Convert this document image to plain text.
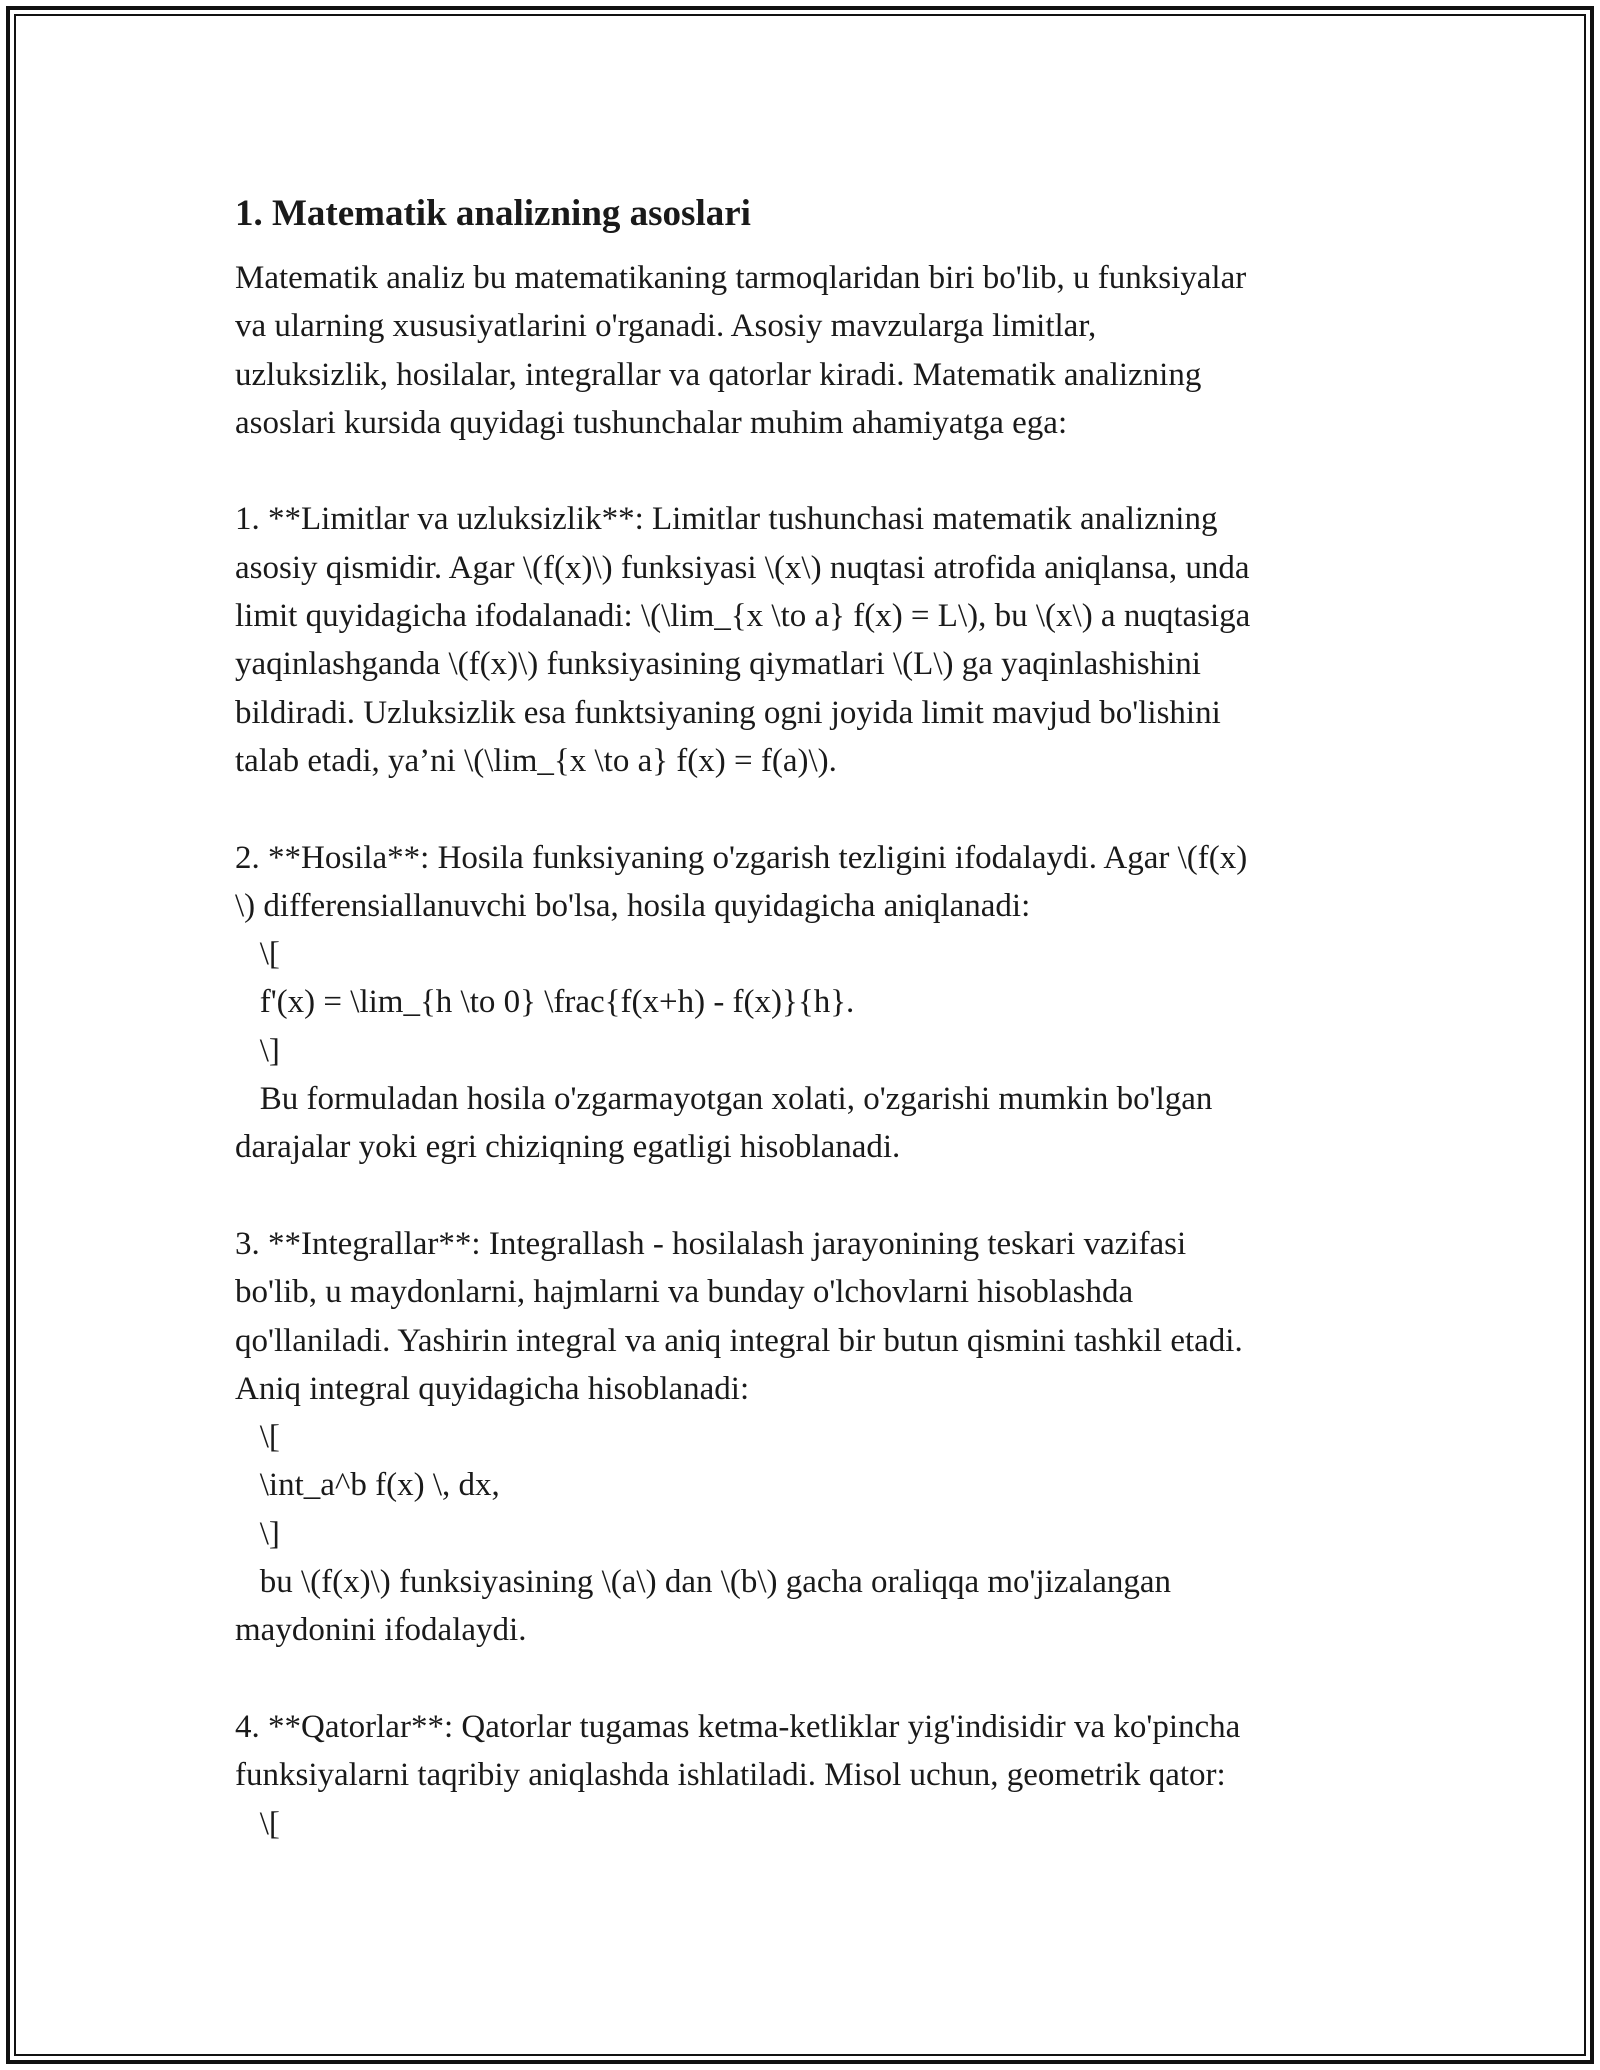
1. Matematik analizning asoslari
Matematik analiz bu matematikaning tarmoqlaridan biri bo'lib, u funksiyalar
va ularning xususiyatlarini o'rganadi. Asosiy mavzularga limitlar,
uzluksizlik, hosilalar, integrallar va qatorlar kiradi. Matematik analizning
asoslari kursida quyidagi tushunchalar muhim ahamiyatga ega:
1. **Limitlar va uzluksizlik**: Limitlar tushunchasi matematik analizning
asosiy qismidir. Agar \(f(x)\) funksiyasi \(x\) nuqtasi atrofida aniqlansa, unda
limit quyidagicha ifodalanadi: \(\lim_{x \to a} f(x) = L\), bu \(x\) a nuqtasiga
yaqinlashganda \(f(x)\) funksiyasining qiymatlari \(L\) ga yaqinlashishini
bildiradi. Uzluksizlik esa funktsiyaning ogni joyida limit mavjud bo'lishini
talab etadi, ya’ni \(\lim_{x \to a} f(x) = f(a)\).
2. **Hosila**: Hosila funksiyaning o'zgarish tezligini ifodalaydi. Agar \(f(x)
\) differensiallanuvchi bo'lsa, hosila quyidagicha aniqlanadi:
\[
f'(x) = \lim_{h \to 0} \frac{f(x+h) - f(x)}{h}.
\]
Bu formuladan hosila o'zgarmayotgan xolati, o'zgarishi mumkin bo'lgan
darajalar yoki egri chiziqning egatligi hisoblanadi.
3. **Integrallar**: Integrallash - hosilalash jarayonining teskari vazifasi
bo'lib, u maydonlarni, hajmlarni va bunday o'lchovlarni hisoblashda
qo'llaniladi. Yashirin integral va aniq integral bir butun qismini tashkil etadi.
Aniq integral quyidagicha hisoblanadi:
\[
\int_a^b f(x) \, dx,
\]
bu \(f(x)\) funksiyasining \(a\) dan \(b\) gacha oraliqqa mo'jizalangan
maydonini ifodalaydi.
4. **Qatorlar**: Qatorlar tugamas ketma-ketliklar yig'indisidir va ko'pincha
funksiyalarni taqribiy aniqlashda ishlatiladi. Misol uchun, geometrik qator:
\[
